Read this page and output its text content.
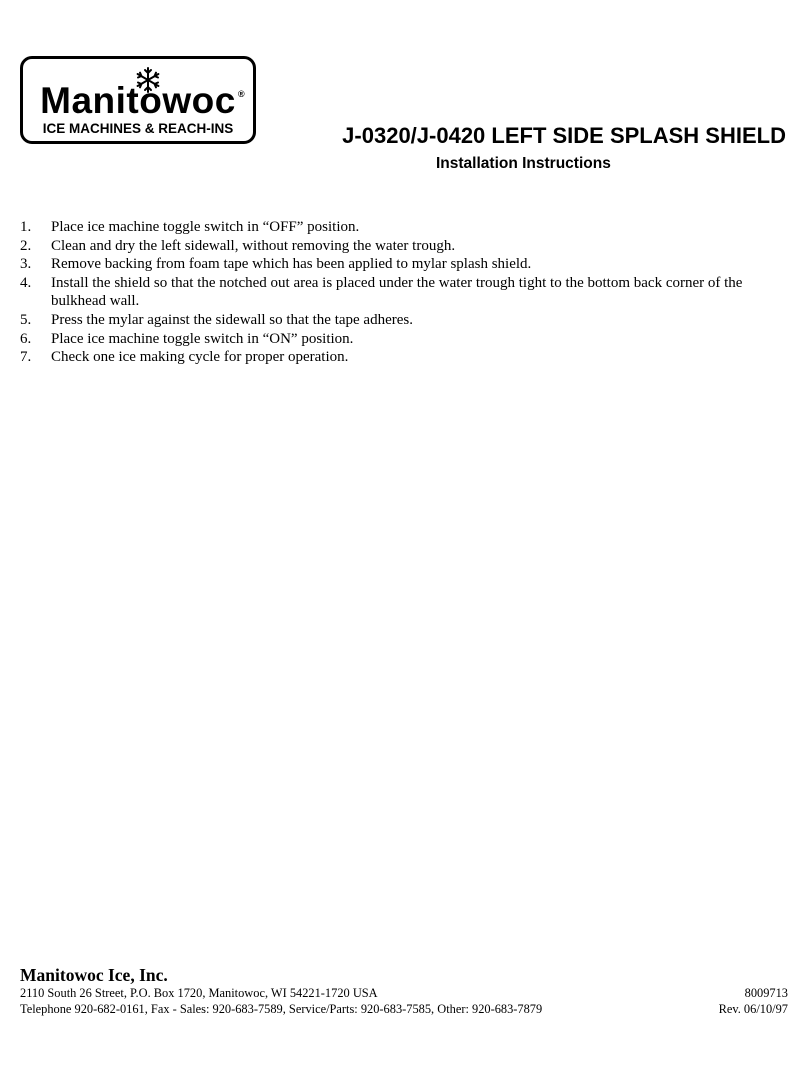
Manitowoc ®
ICE MACHINES & REACH-INS	J-0320/J-0420 LEFT SIDE SPLASH SHIELD
Installation Instructions
1. Place ice machine toggle switch in “OFF” position.
2. Clean and dry the left sidewall, without removing the water trough.
3. Remove backing from foam tape which has been applied to mylar splash shield.
4. Install the shield so that the notched out area is placed under the water trough tight to the bottom back corner of the bulkhead wall.
5. Press the mylar against the sidewall so that the tape adheres.
6. Place ice machine toggle switch in “ON” position.
7. Check one ice making cycle for proper operation.
Manitowoc Ice, Inc.
2110 South 26 Street, P.O. Box 1720, Manitowoc, WI 54221-1720 USA	8009713
Telephone 920-682-0161, Fax - Sales: 920-683-7589, Service/Parts: 920-683-7585, Other: 920-683-7879	Rev. 06/10/97
